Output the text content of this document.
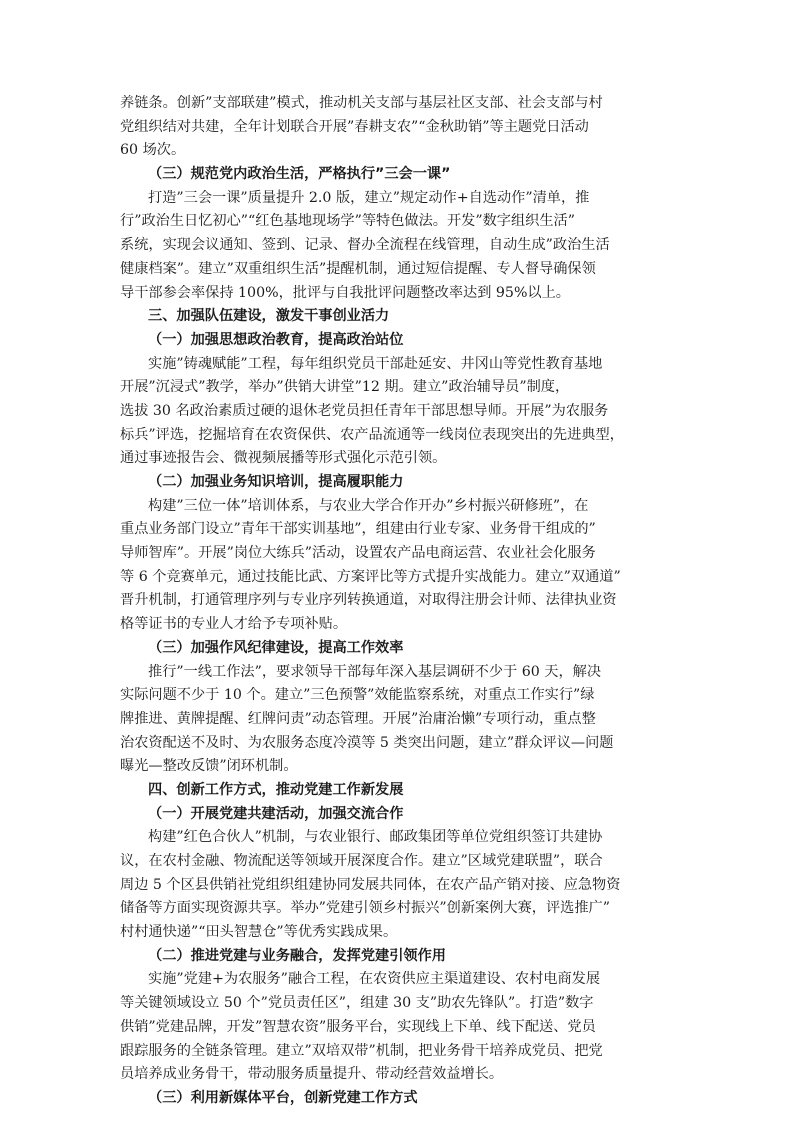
养链条。创新”支部联建”模式，推动机关支部与基层社区支部、社会支部与村
党组织结对共建，全年计划联合开展”春耕支农”“金秋助销”等主题党日活动
60 场次。
（三）规范党内政治生活，严格执行”三会一课”
打造”三会一课”质量提升 2.0 版，建立”规定动作+自选动作”清单，推
行”政治生日忆初心”“红色基地现场学”等特色做法。开发”数字组织生活”
系统，实现会议通知、签到、记录、督办全流程在线管理，自动生成”政治生活
健康档案”。建立”双重组织生活”提醒机制，通过短信提醒、专人督导确保领
导干部参会率保持 100%，批评与自我批评问题整改率达到 95%以上。
三、加强队伍建设，激发干事创业活力
（一）加强思想政治教育，提高政治站位
实施”铸魂赋能”工程，每年组织党员干部赴延安、井冈山等党性教育基地
开展”沉浸式”教学，举办”供销大讲堂”12 期。建立”政治辅导员”制度，
选拔 30 名政治素质过硬的退休老党员担任青年干部思想导师。开展”为农服务
标兵”评选，挖掘培育在农资保供、农产品流通等一线岗位表现突出的先进典型，
通过事迹报告会、微视频展播等形式强化示范引领。
（二）加强业务知识培训，提高履职能力
构建”三位一体”培训体系，与农业大学合作开办”乡村振兴研修班”，在
重点业务部门设立”青年干部实训基地”，组建由行业专家、业务骨干组成的”
导师智库”。开展”岗位大练兵”活动，设置农产品电商运营、农业社会化服务
等 6 个竞赛单元，通过技能比武、方案评比等方式提升实战能力。建立”双通道”
晋升机制，打通管理序列与专业序列转换通道，对取得注册会计师、法律执业资
格等证书的专业人才给予专项补贴。
（三）加强作风纪律建设，提高工作效率
推行”一线工作法”，要求领导干部每年深入基层调研不少于 60 天，解决
实际问题不少于 10 个。建立”三色预警”效能监察系统，对重点工作实行”绿
牌推进、黄牌提醒、红牌问责”动态管理。开展”治庸治懒”专项行动，重点整
治农资配送不及时、为农服务态度冷漠等 5 类突出问题，建立”群众评议—问题
曝光—整改反馈”闭环机制。
四、创新工作方式，推动党建工作新发展
（一）开展党建共建活动，加强交流合作
构建”红色合伙人”机制，与农业银行、邮政集团等单位党组织签订共建协
议，在农村金融、物流配送等领域开展深度合作。建立”区域党建联盟”，联合
周边 5 个区县供销社党组织组建协同发展共同体，在农产品产销对接、应急物资
储备等方面实现资源共享。举办”党建引领乡村振兴”创新案例大赛，评选推广”
村村通快递”“田头智慧仓”等优秀实践成果。
（二）推进党建与业务融合，发挥党建引领作用
实施”党建+为农服务”融合工程，在农资供应主渠道建设、农村电商发展
等关键领域设立 50 个”党员责任区”，组建 30 支”助农先锋队”。打造”数字
供销”党建品牌，开发”智慧农资”服务平台，实现线上下单、线下配送、党员
跟踪服务的全链条管理。建立”双培双带”机制，把业务骨干培养成党员、把党
员培养成业务骨干，带动服务质量提升、带动经营效益增长。
（三）利用新媒体平台，创新党建工作方式
